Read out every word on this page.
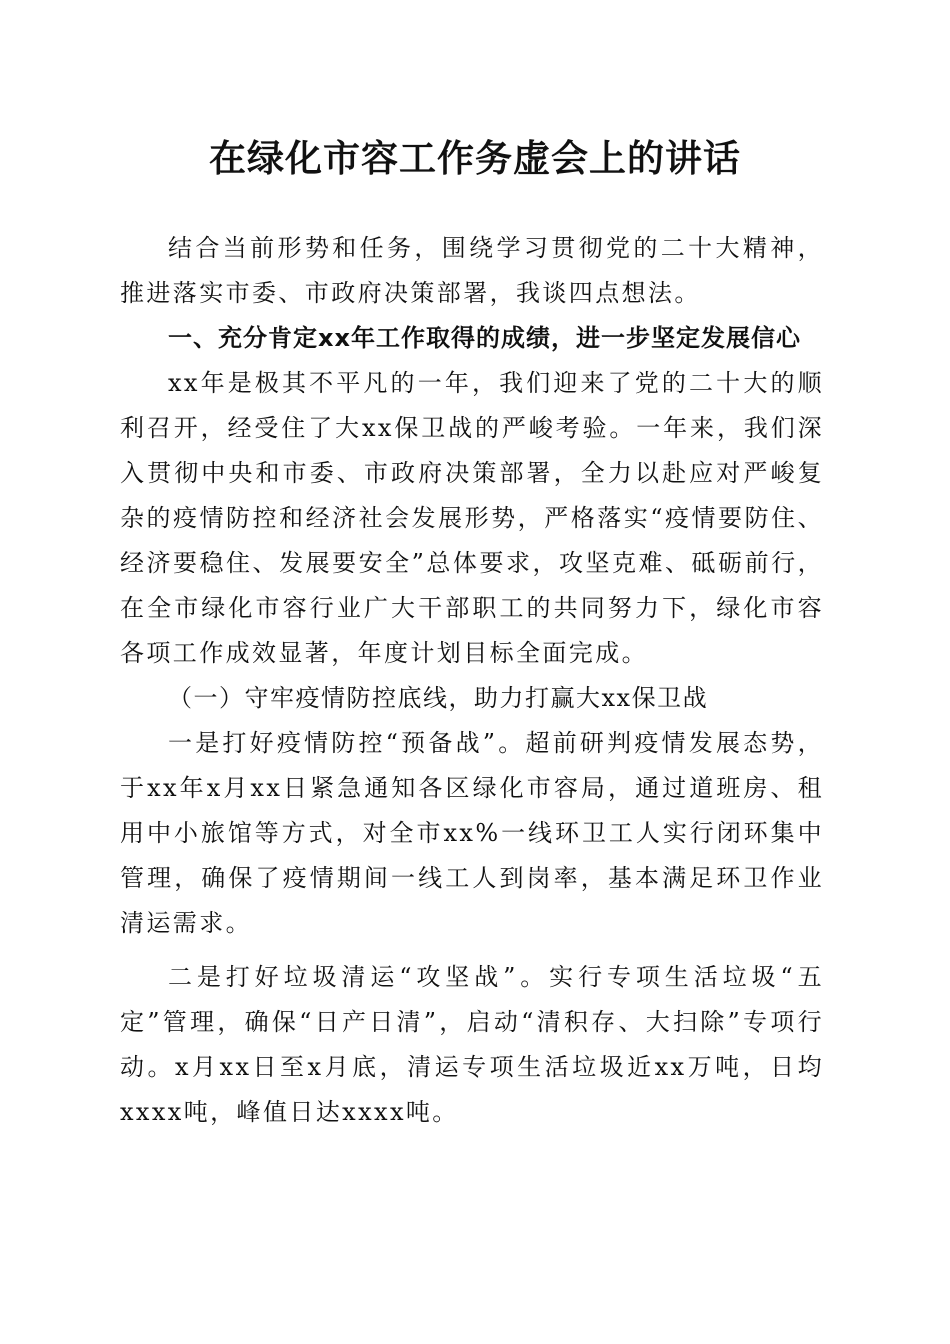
在绿化市容工作务虚会上的讲话

结合当前形势和任务，围绕学习贯彻党的二十大精神，推进落实市委、市政府决策部署，我谈四点想法。

一、充分肯定xx年工作取得的成绩，进一步坚定发展信心

xx年是极其不平凡的一年，我们迎来了党的二十大的顺利召开，经受住了大xx保卫战的严峻考验。一年来，我们深入贯彻中央和市委、市政府决策部署，全力以赴应对严峻复杂的疫情防控和经济社会发展形势，严格落实“疫情要防住、经济要稳住、发展要安全”总体要求，攻坚克难、砥砺前行，在全市绿化市容行业广大干部职工的共同努力下，绿化市容各项工作成效显著，年度计划目标全面完成。

（一）守牢疫情防控底线，助力打赢大xx保卫战

一是打好疫情防控“预备战”。超前研判疫情发展态势，于xx年x月xx日紧急通知各区绿化市容局，通过道班房、租用中小旅馆等方式，对全市xx%一线环卫工人实行闭环集中管理，确保了疫情期间一线工人到岗率，基本满足环卫作业清运需求。

二是打好垃圾清运“攻坚战”。实行专项生活垃圾“五定”管理，确保“日产日清”，启动“清积存、大扫除”专项行动。x月xx日至x月底，清运专项生活垃圾近xx万吨，日均xxxx吨，峰值日达xxxx吨。
